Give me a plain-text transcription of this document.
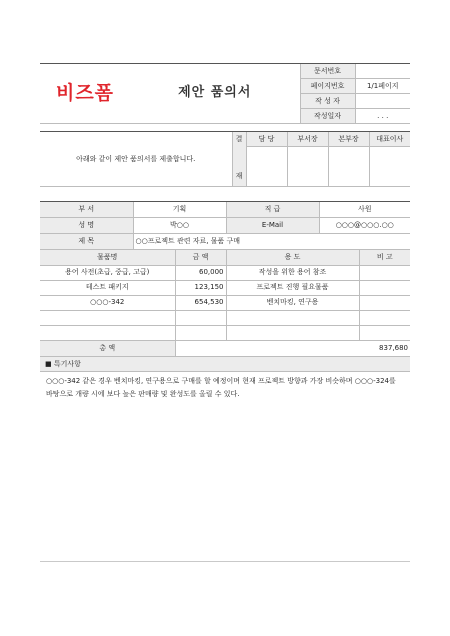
비즈폼	제안 품의서	문서번호	
		페이지번호	1/1페이지
		작 성 자	
		작성일자	. . .
아래와 같이 제안 품의서를 제출합니다.	결	담 당	부서장	본부장	대표이사
	재				
부 서	기획	직 급	사원
성 명	박○○	E-Mail	○○○@○○○.○○
제 목	○○프로젝트 관련 자료, 물품 구매		
물품명	금 액	용 도	비 고
용어 사전(초급, 중급, 고급)	60,000	작성을 위한 용어 참조	
테스트 패키지	123,150	프로젝트 진행 필요물품	
○○○-342	654,530	벤치마킹, 연구용	

총 액	837,680		
■ 특기사항
○○○-342 같은 경우 벤치마킹, 연구용으로 구매를 할 예정이며 현재 프로젝트 방향과 가장 비슷하며 ○○○-324를 바탕으로 개량 시에 보다 높은 판매량 및 완성도를 올릴 수 있다.
